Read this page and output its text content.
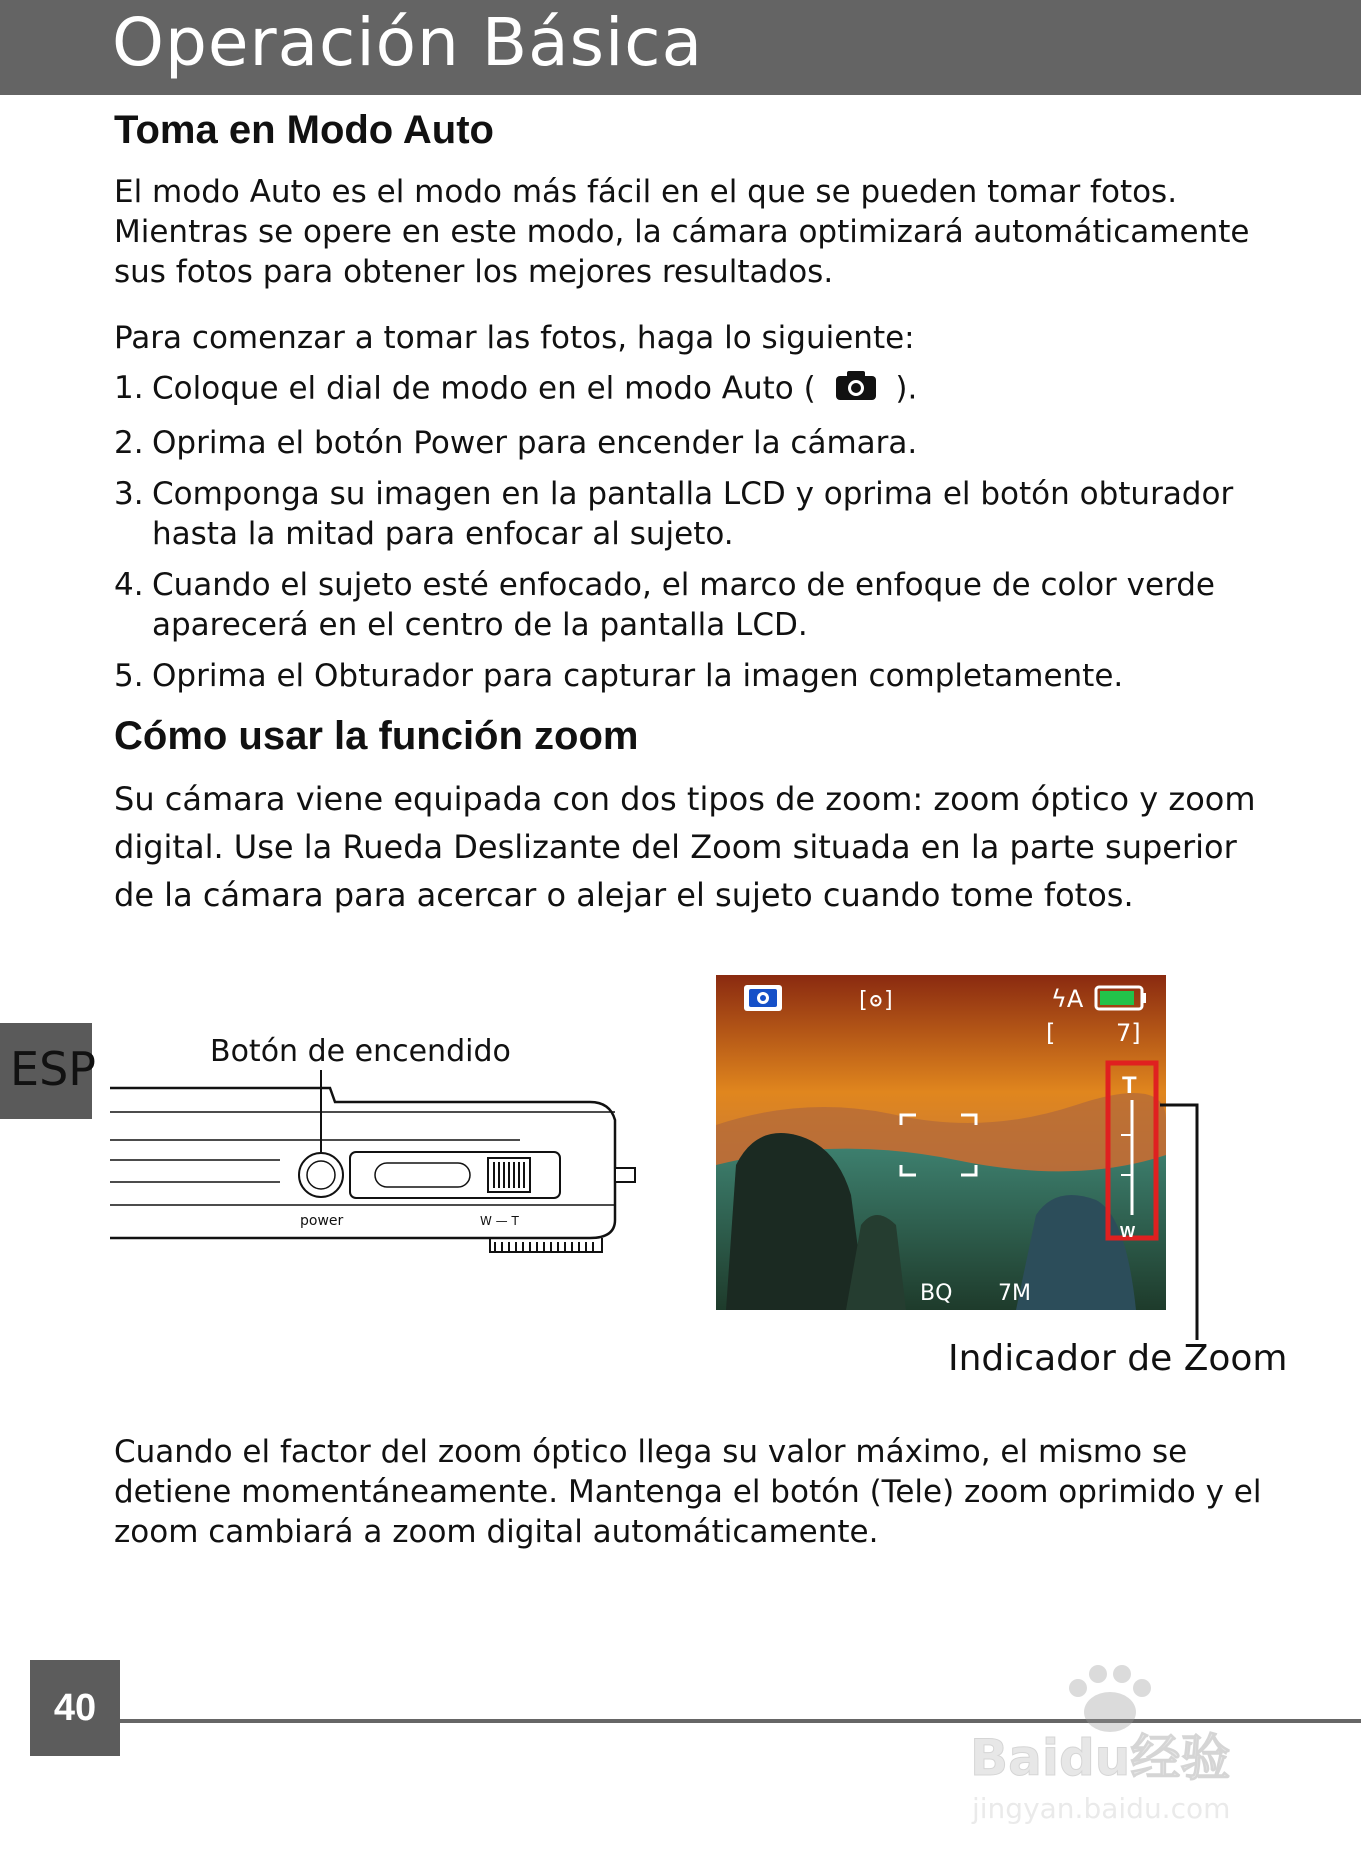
Operación Básica
Toma en Modo Auto

El modo Auto es el modo más fácil en el que se pueden tomar fotos. Mientras se opere en este modo, la cámara optimizará automáticamente sus fotos para obtener los mejores resultados.

Para comenzar a tomar las fotos, haga lo siguiente:

1. Coloque el dial de modo en el modo Auto (	).
2. Oprima el botón Power para encender la cámara.
3. Componga su imagen en la pantalla LCD y oprima el botón obturador hasta la mitad para enfocar al sujeto.
4. Cuando el sujeto esté enfocado, el marco de enfoque de color verde aparecerá en el centro de la pantalla LCD.
5. Oprima el Obturador para capturar la imagen completamente.
Cómo usar la función zoom

Su cámara viene equipada con dos tipos de zoom: zoom óptico y zoom digital. Use la Rueda Deslizante del Zoom situada en la parte superior de la cámara para acercar o alejar el sujeto cuando tome fotos.

ESP	Botón de encendido
power	W — T
[ʘ]	ϟA
[	7]
T
W
BQ 7M
Indicador de Zoom

Cuando el factor del zoom óptico llega su valor máximo, el mismo se detiene momentáneamente. Mantenga el botón (Tele) zoom oprimido y el zoom cambiará a zoom digital automáticamente.

40
Baidu经验
jingyan.baidu.com
